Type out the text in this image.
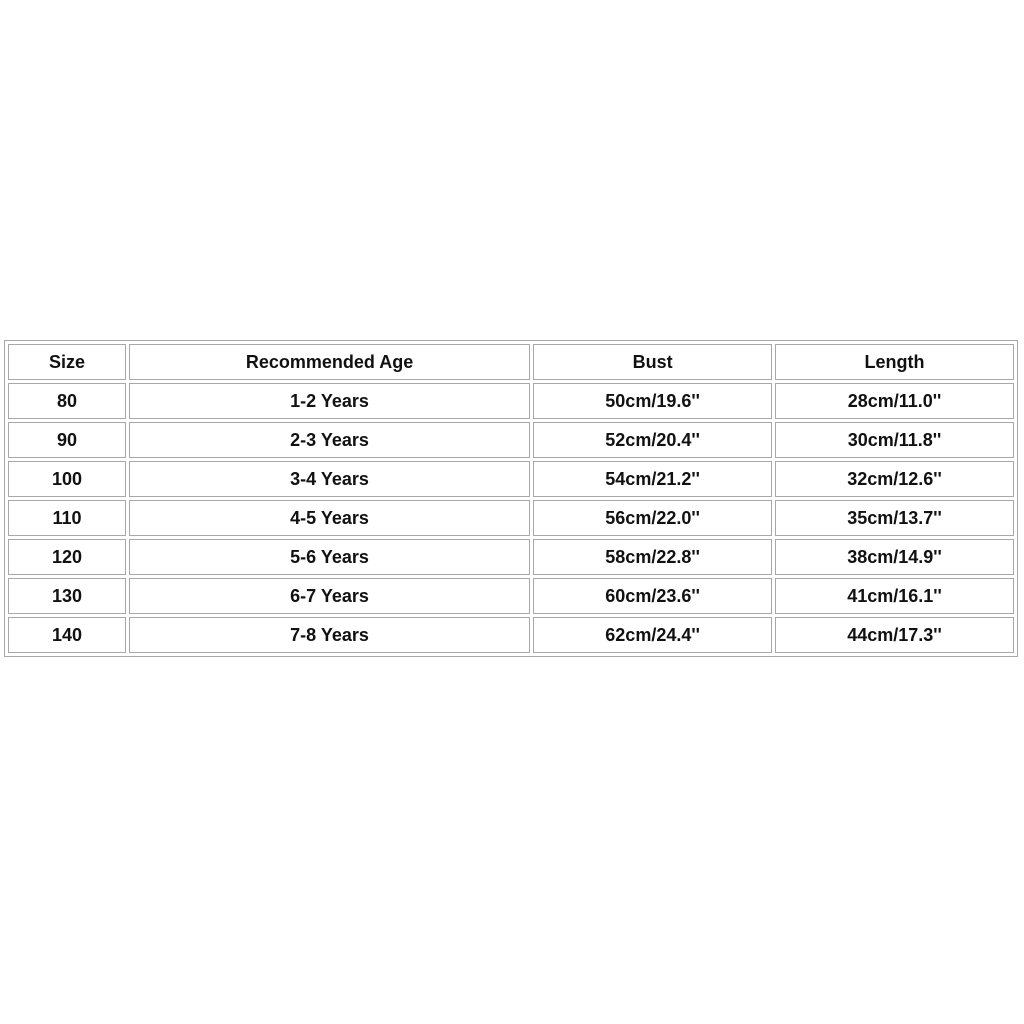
Size	Recommended Age	Bust	Length
80	1-2 Years	50cm/19.6''	28cm/11.0''
90	2-3 Years	52cm/20.4''	30cm/11.8''
100	3-4 Years	54cm/21.2''	32cm/12.6''
110	4-5 Years	56cm/22.0''	35cm/13.7''
120	5-6 Years	58cm/22.8''	38cm/14.9''
130	6-7 Years	60cm/23.6''	41cm/16.1''
140	7-8 Years	62cm/24.4''	44cm/17.3''
